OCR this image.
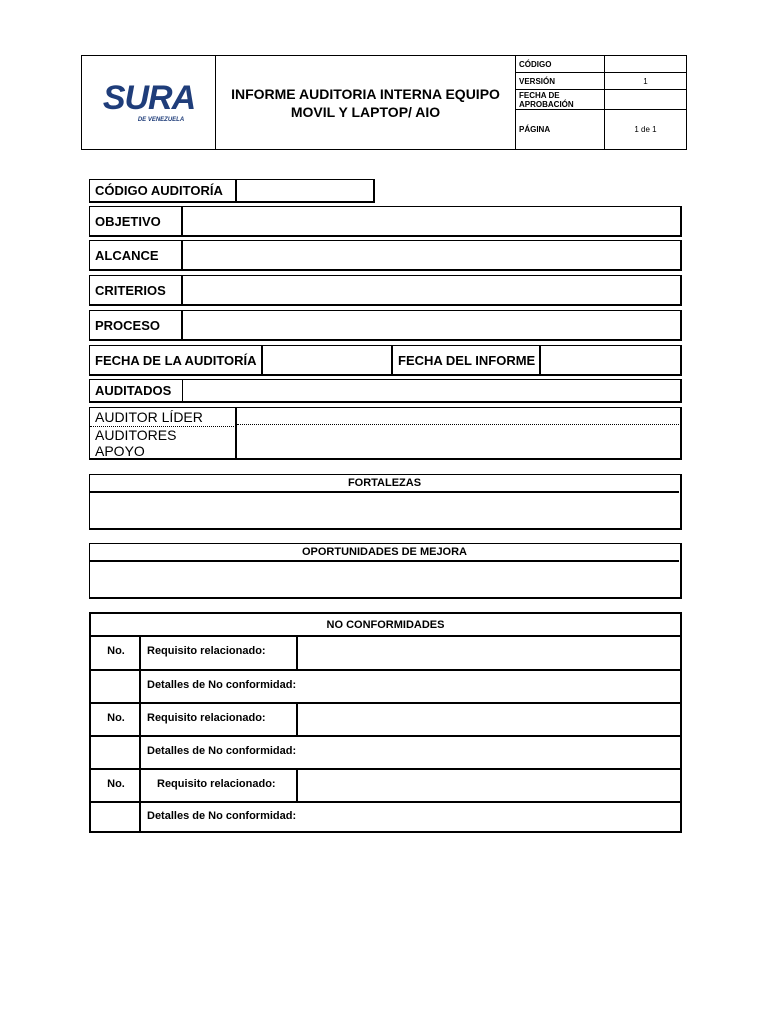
SURA
DE VENEZUELA
INFORME AUDITORIA INTERNA EQUIPO
MOVIL Y LAPTOP/ AIO
CÓDIGO
VERSIÓN	1
FECHA DE APROBACIÓN
PÁGINA	1 de 1
CÓDIGO AUDITORÍA
OBJETIVO
ALCANCE
CRITERIOS
PROCESO
FECHA DE LA AUDITORÍA	FECHA DEL INFORME
AUDITADOS
AUDITOR LÍDER
AUDITORES
APOYO
FORTALEZAS
OPORTUNIDADES DE MEJORA
NO CONFORMIDADES
No.	Requisito relacionado:
Detalles de No conformidad:
No.	Requisito relacionado:
Detalles de No conformidad:
No.	Requisito relacionado:
Detalles de No conformidad:
